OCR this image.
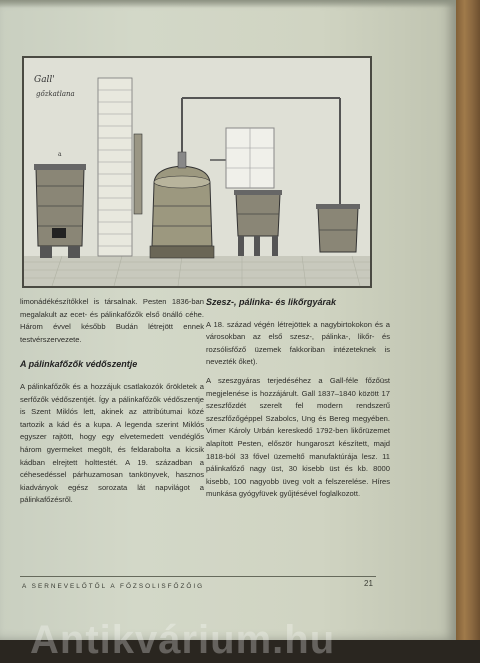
Gall'
gőzkatlana
a

limonádékészítőkkel is társalnak. Pesten 1836-ban megalakult az ecet- és pálinkafőzők első önálló céhe. Három évvel később Budán létrejött ennek testvérszervezete.

A pálinkafőzők védőszentje

A pálinkafőzők és a hozzájuk csatlakozók őrökletek a serfőzők védőszentjét. Így a pálinkafőzők védőszentje is Szent Miklós lett, akinek az attribútumai közé tartozik a kád és a kupa. A legenda szerint Miklós egyszer rajtött, hogy egy elvetemedett vendéglős három gyermeket megölt, és feldarabolta a kicsik kádban elrejtett holttestét. A 19. században a céhesedéssel párhuzamosan tankönyvek, hasznos kiadványok egész sorozata lát napvilágot a pálinkafőzésről.

Szesz-, pálinka- és likőrgyárak

A 18. század végén létrejöttek a nagybirtokokon és a városokban az első szesz-, pálinka-, likőr- és rozsólisfőző üzemek fakkoriban intézeteknek is nevezték őket).

A szeszgyáras terjedéséhez a Gall-féle főzőüst megjelenése is hozzájárult. Gall 1837–1840 között 17 szeszfőzdét szerelt fel modern rendszerű szeszfőzőgéppel Szabolcs, Ung és Bereg megyében. Vimer Károly Urbán kereskedő 1792-ben likőrüzemet alapított Pesten, először hungaroszt készített, majd 1818-ból 33 fővel üzemeltő manufaktúrája lesz. 11 pálinkafőző nagy üst, 30 kisebb üst és kb. 8000 kisebb, 100 nagyobb üveg volt a felszerelése. Híres munkása gyógyfüvek gyűjtésével foglalkozott.

A SERNEVELŐTŐL A FŐZSOLISFŐZŐIG	21
Antikvárium.hu
